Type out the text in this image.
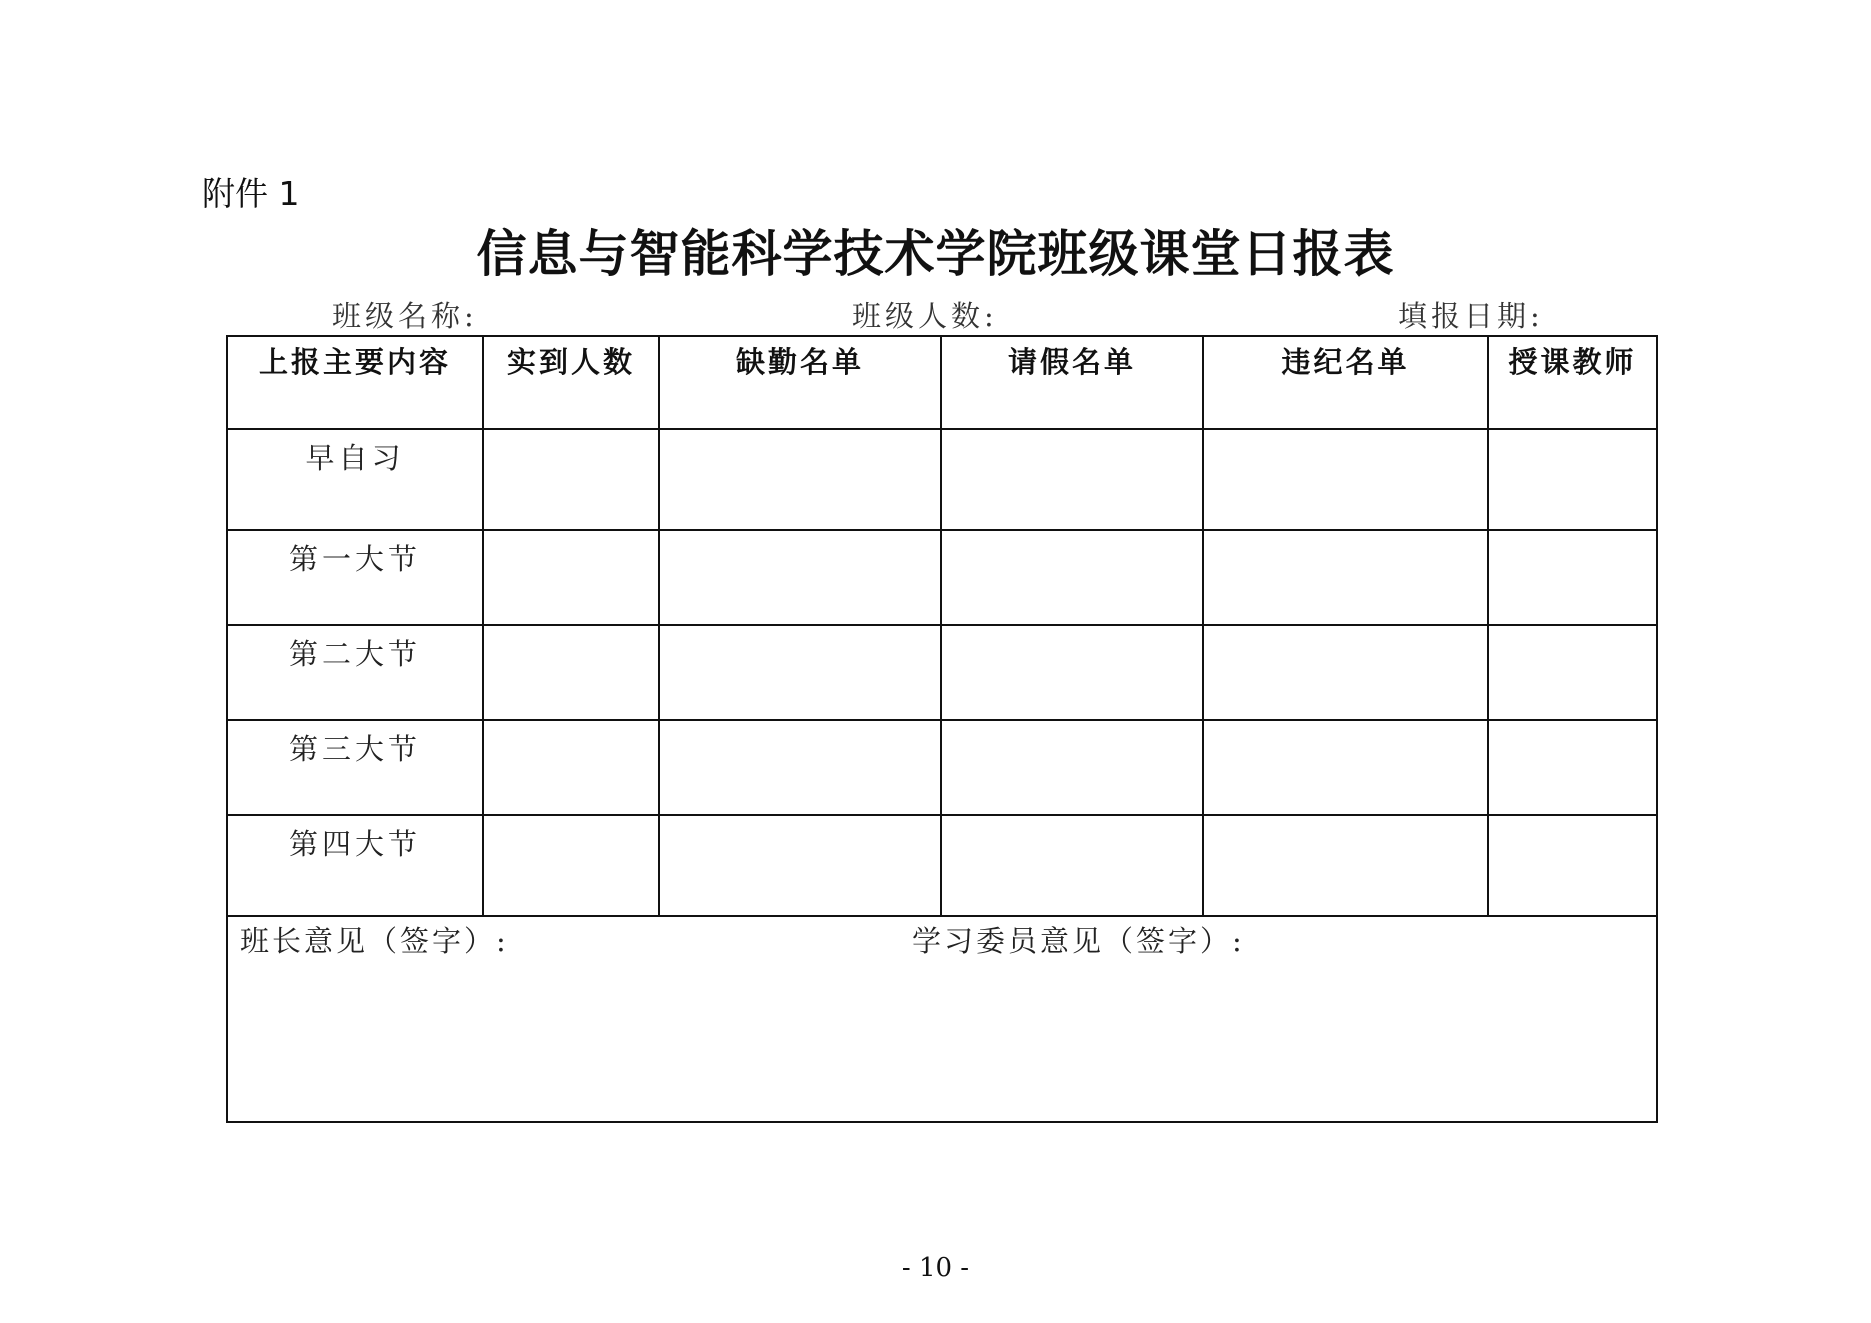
附件 1
信息与智能科学技术学院班级课堂日报表
班级名称:	班级人数:	填报日期:
上报主要内容	实到人数	缺勤名单	请假名单	违纪名单	授课教师
早自习					
第一大节					
第二大节					
第三大节					
第四大节					

班长意见（签字）: 学习委员意见（签字）:					
- 10 -
